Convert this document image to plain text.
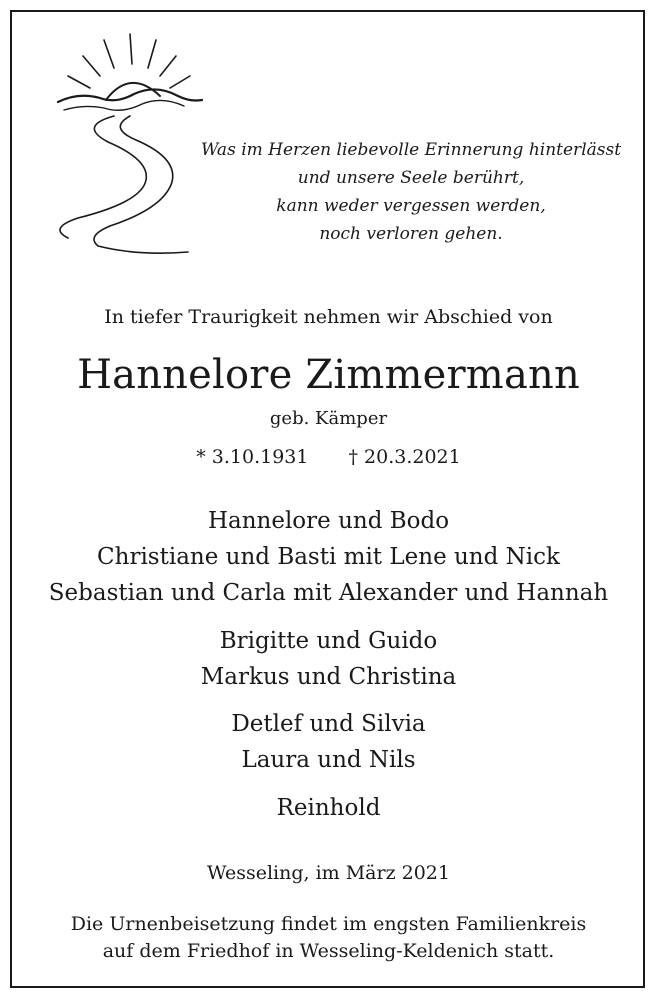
Was im Herzen liebevolle Erinnerung hinterlässt
und unsere Seele berührt,
kann weder vergessen werden,
noch verloren gehen.
In tiefer Traurigkeit nehmen wir Abschied von
Hannelore Zimmermann
geb. Kämper
* 3.10.1931 † 20.3.2021
Hannelore und Bodo
Christiane und Basti mit Lene und Nick
Sebastian und Carla mit Alexander und Hannah
Brigitte und Guido
Markus und Christina
Detlef und Silvia
Laura und Nils
Reinhold
Wesseling, im März 2021
Die Urnenbeisetzung findet im engsten Familienkreis
auf dem Friedhof in Wesseling-Keldenich statt.
